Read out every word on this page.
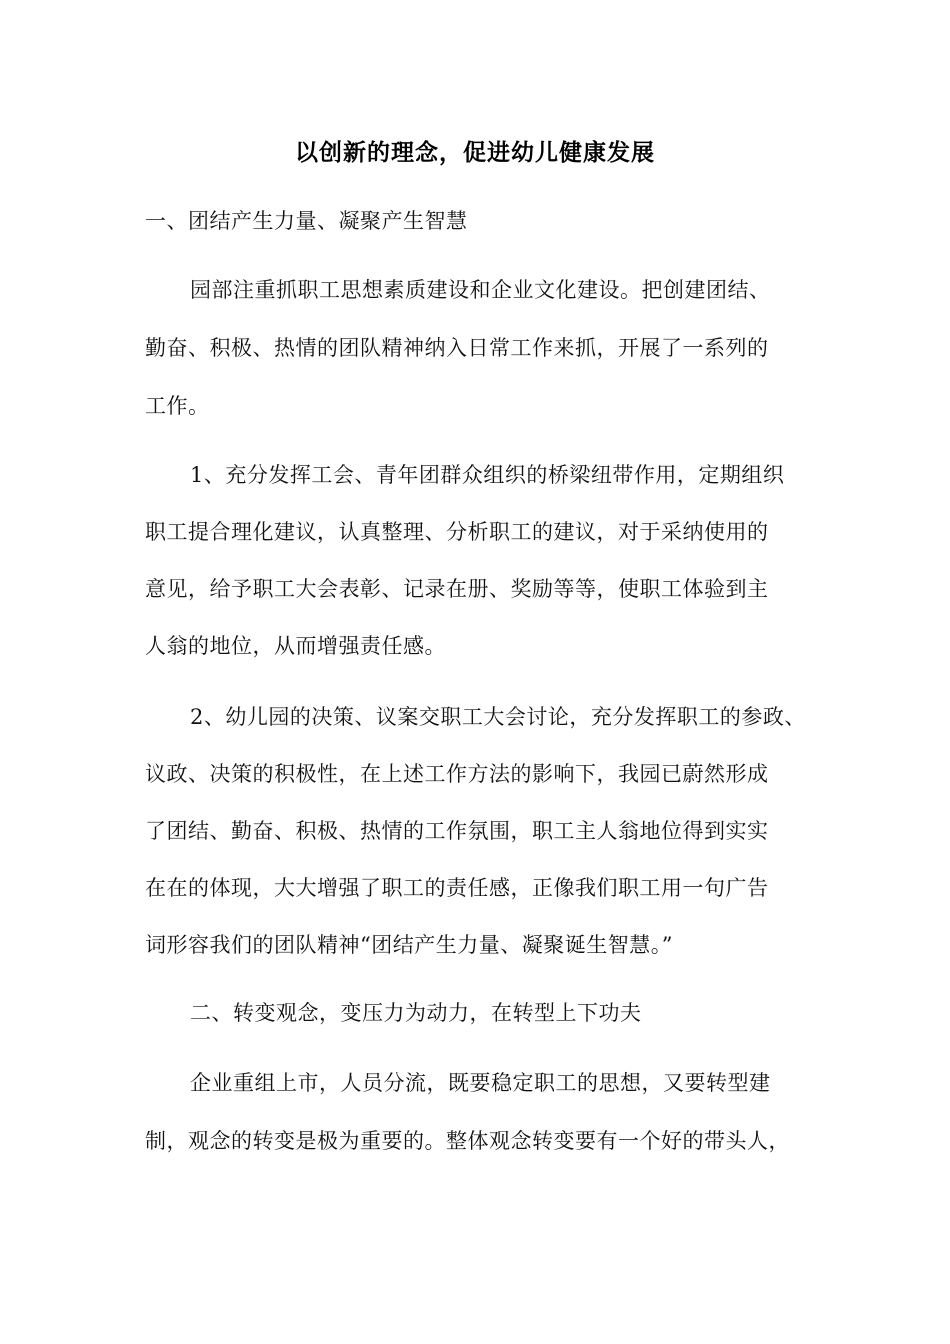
以创新的理念，促进幼儿健康发展
一、团结产生力量、凝聚产生智慧
园部注重抓职工思想素质建设和企业文化建设。把创建团结、
勤奋、积极、热情的团队精神纳入日常工作来抓，开展了一系列的
工作。
1、充分发挥工会、青年团群众组织的桥梁纽带作用，定期组织
职工提合理化建议，认真整理、分析职工的建议，对于采纳使用的
意见，给予职工大会表彰、记录在册、奖励等等，使职工体验到主
人翁的地位，从而增强责任感。
2、幼儿园的决策、议案交职工大会讨论，充分发挥职工的参政、
议政、决策的积极性，在上述工作方法的影响下，我园已蔚然形成
了团结、勤奋、积极、热情的工作氛围，职工主人翁地位得到实实
在在的体现，大大增强了职工的责任感，正像我们职工用一句广告
词形容我们的团队精神“团结产生力量、凝聚诞生智慧。”
二、转变观念，变压力为动力，在转型上下功夫
企业重组上市，人员分流，既要稳定职工的思想，又要转型建
制，观念的转变是极为重要的。整体观念转变要有一个好的带头人，
